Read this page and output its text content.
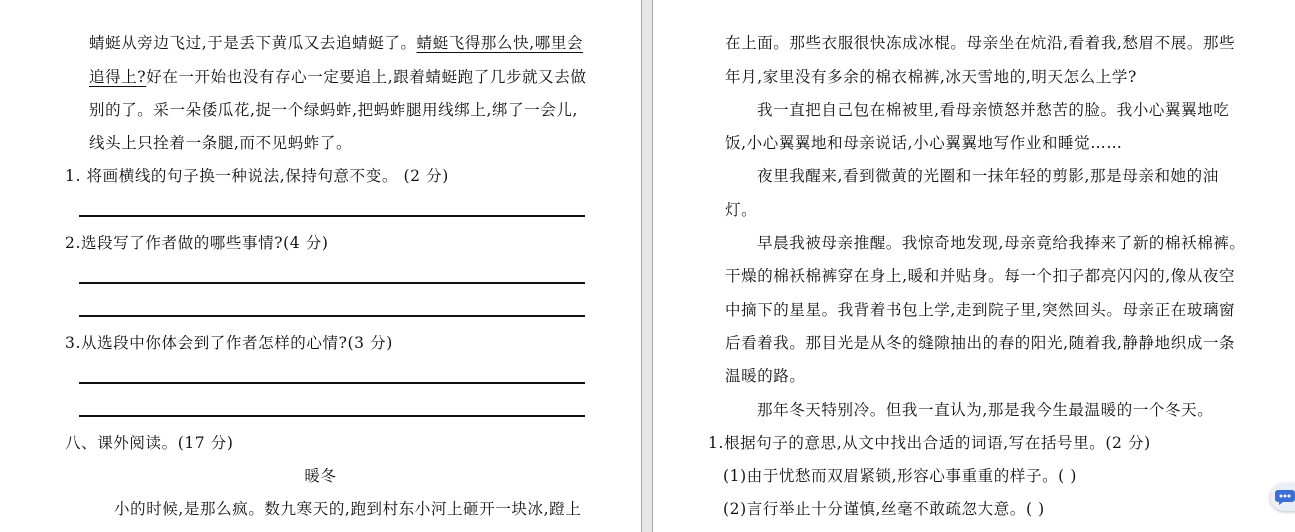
蜻蜓从旁边飞过,于是丢下黄瓜又去追蜻蜓了。蜻蜓飞得那么快,哪里会
追得上?好在一开始也没有存心一定要追上,跟着蜻蜓跑了几步就又去做
别的了。采一朵倭瓜花,捉一个绿蚂蚱,把蚂蚱腿用线绑上,绑了一会儿,
线头上只拴着一条腿,而不见蚂蚱了。
1. 将画横线的句子换一种说法,保持句意不变。 (2 分)
2.选段写了作者做的哪些事情?(4 分)
3.从选段中你体会到了作者怎样的心情?(3 分)
八、课外阅读。(17 分)
暖冬
小的时候,是那么疯。数九寒天的,跑到村东小河上砸开一块冰,蹬上
在上面。那些衣服很快冻成冰棍。母亲坐在炕沿,看着我,愁眉不展。那些
年月,家里没有多余的棉衣棉裤,冰天雪地的,明天怎么上学?
我一直把自己包在棉被里,看母亲愤怒并愁苦的脸。我小心翼翼地吃
饭,小心翼翼地和母亲说话,小心翼翼地写作业和睡觉……
夜里我醒来,看到微黄的光圈和一抹年轻的剪影,那是母亲和她的油
灯。
早晨我被母亲推醒。我惊奇地发现,母亲竟给我捧来了新的棉袄棉裤。
干燥的棉袄棉裤穿在身上,暖和并贴身。每一个扣子都亮闪闪的,像从夜空
中摘下的星星。我背着书包上学,走到院子里,突然回头。母亲正在玻璃窗
后看着我。那目光是从冬的缝隙抽出的春的阳光,随着我,静静地织成一条
温暖的路。
那年冬天特别冷。但我一直认为,那是我今生最温暖的一个冬天。
1.根据句子的意思,从文中找出合适的词语,写在括号里。(2 分)
(1)由于忧愁而双眉紧锁,形容心事重重的样子。( )
(2)言行举止十分谨慎,丝毫不敢疏忽大意。( )
